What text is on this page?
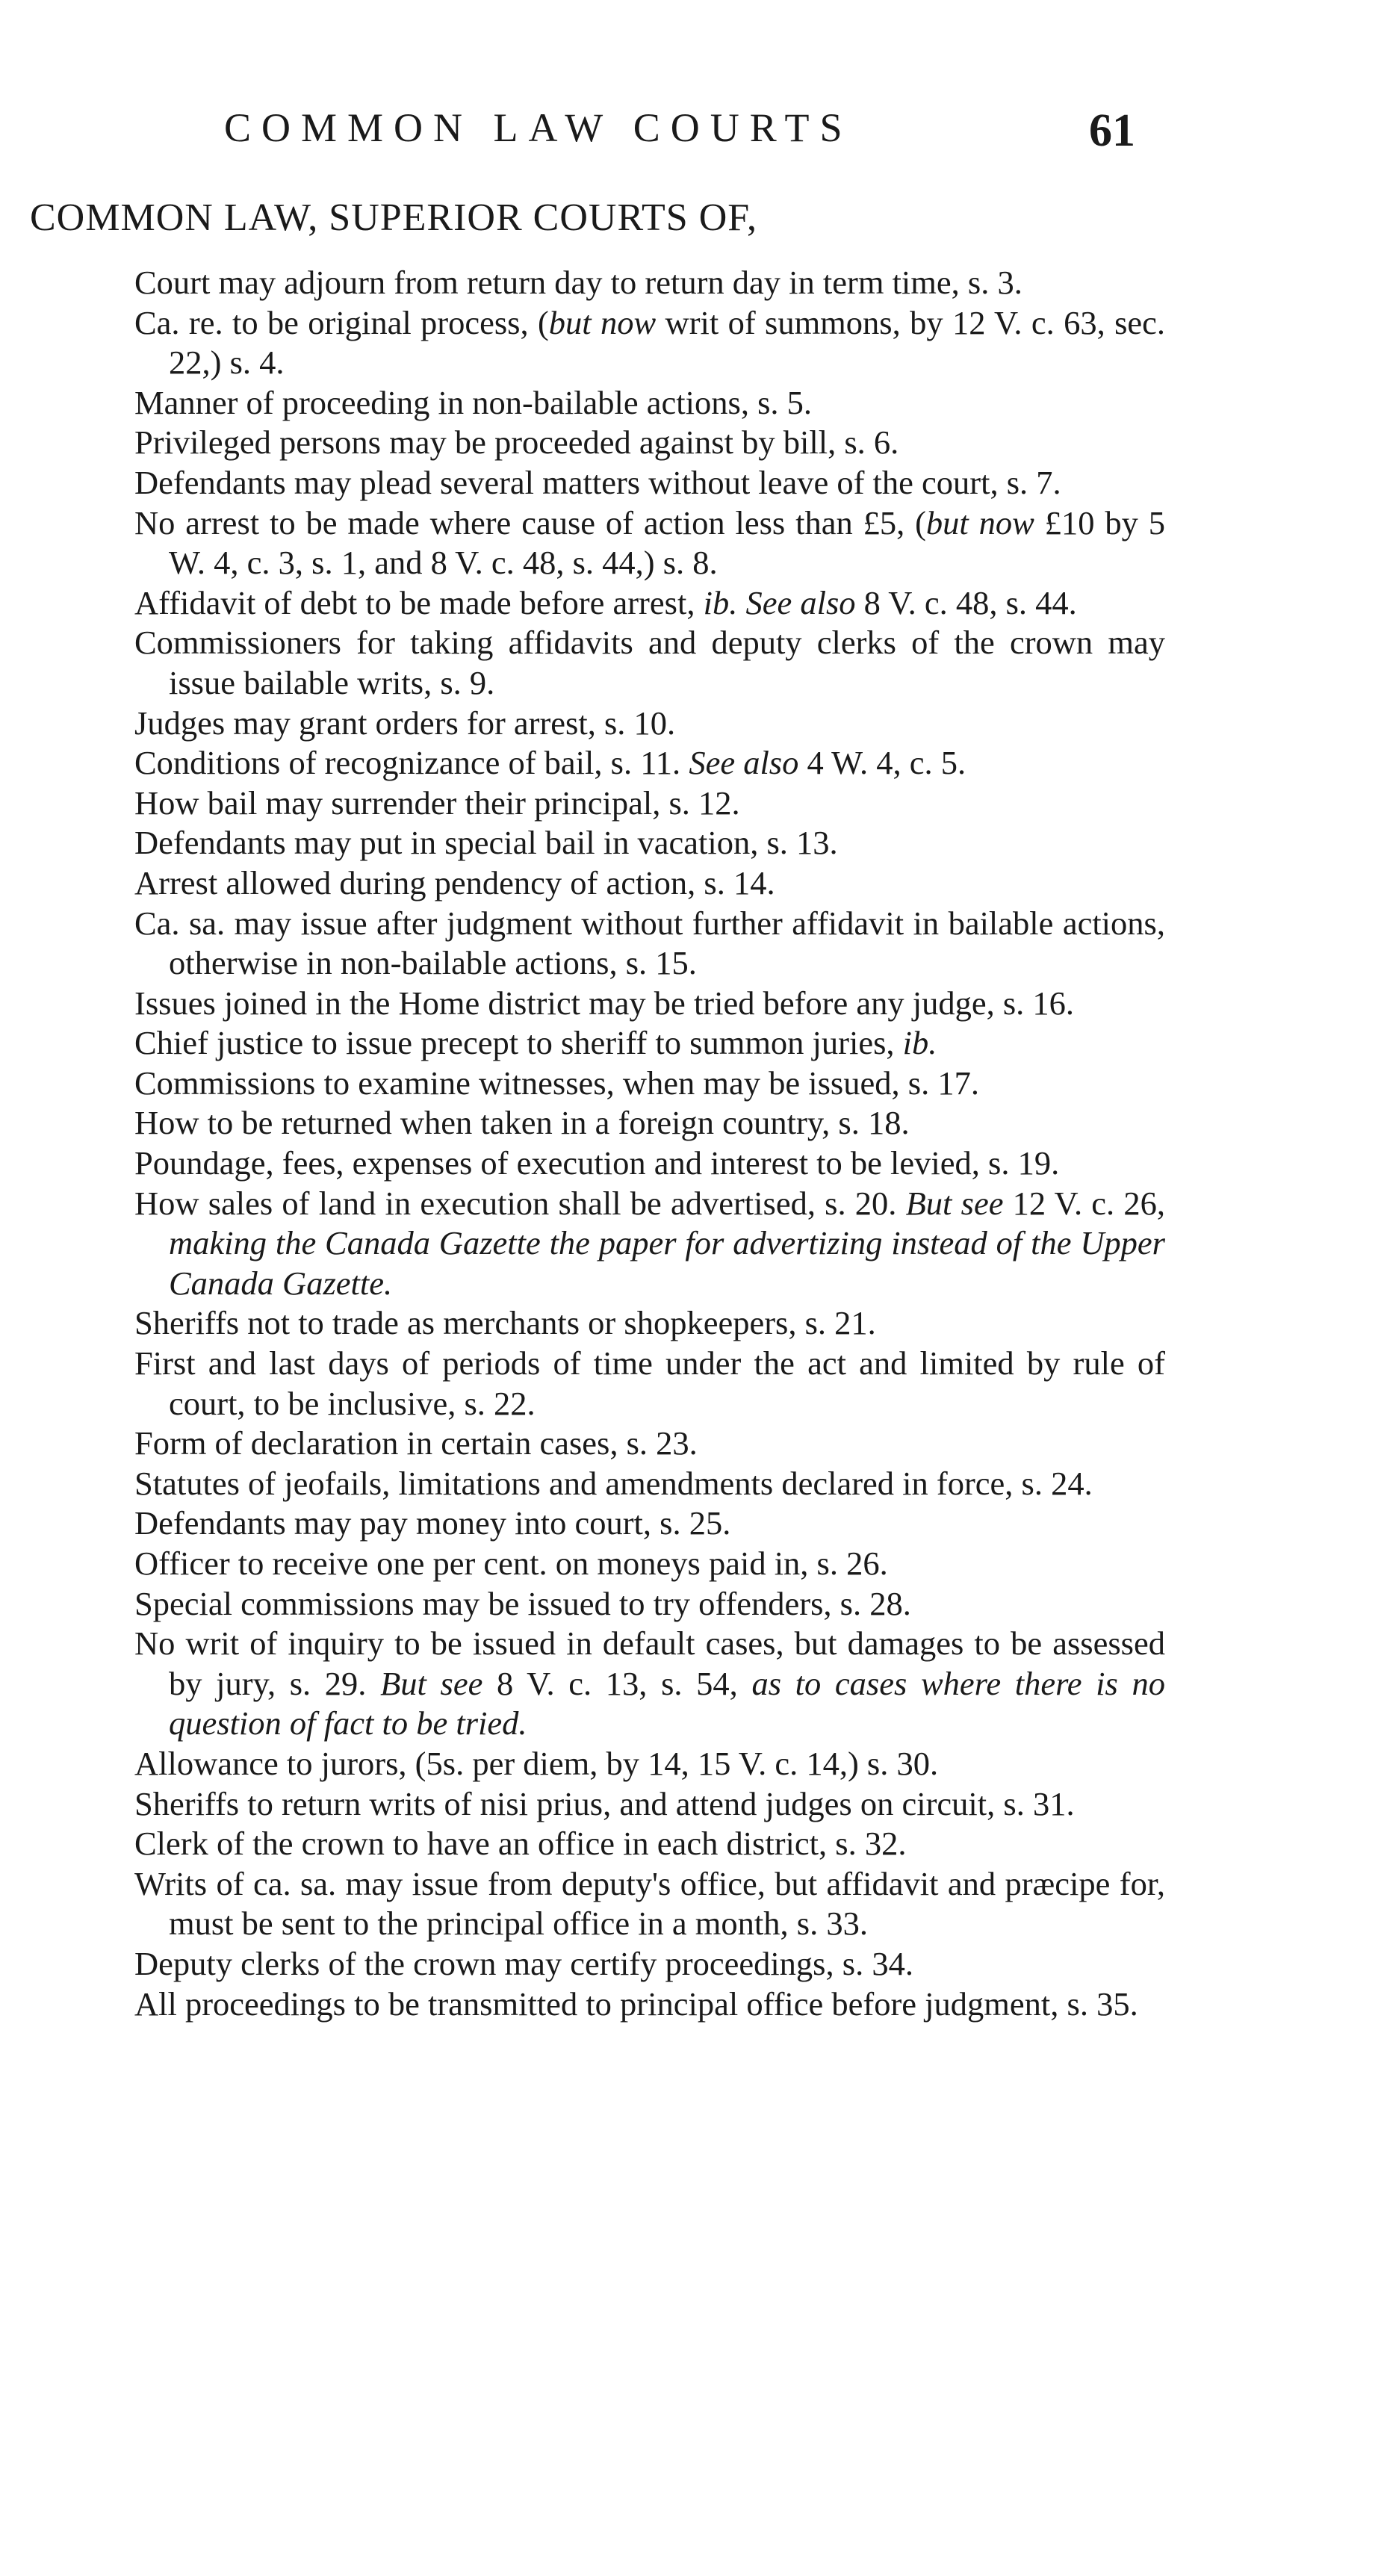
COMMON LAW COURTS	61
COMMON LAW, SUPERIOR COURTS OF,
Court may adjourn from return day to return day in term time, s. 3.
Ca. re. to be original process, (but now writ of summons, by 12 V. c. 63, sec. 22,) s. 4.
Manner of proceeding in non-bailable actions, s. 5.
Privileged persons may be proceeded against by bill, s. 6.
Defendants may plead several matters without leave of the court, s. 7.
No arrest to be made where cause of action less than £5, (but now £10 by 5 W. 4, c. 3, s. 1, and 8 V. c. 48, s. 44,) s. 8.
Affidavit of debt to be made before arrest, ib. See also 8 V. c. 48, s. 44.
Commissioners for taking affidavits and deputy clerks of the crown may issue bailable writs, s. 9.
Judges may grant orders for arrest, s. 10.
Conditions of recognizance of bail, s. 11. See also 4 W. 4, c. 5.
How bail may surrender their principal, s. 12.
Defendants may put in special bail in vacation, s. 13.
Arrest allowed during pendency of action, s. 14.
Ca. sa. may issue after judgment without further affidavit in bailable actions, otherwise in non-bailable actions, s. 15.
Issues joined in the Home district may be tried before any judge, s. 16.
Chief justice to issue precept to sheriff to summon juries, ib.
Commissions to examine witnesses, when may be issued, s. 17.
How to be returned when taken in a foreign country, s. 18.
Poundage, fees, expenses of execution and interest to be levied, s. 19.
How sales of land in execution shall be advertised, s. 20. But see 12 V. c. 26, making the Canada Gazette the paper for advertizing instead of the Upper Canada Gazette.
Sheriffs not to trade as merchants or shopkeepers, s. 21.
First and last days of periods of time under the act and limited by rule of court, to be inclusive, s. 22.
Form of declaration in certain cases, s. 23.
Statutes of jeofails, limitations and amendments declared in force, s. 24.
Defendants may pay money into court, s. 25.
Officer to receive one per cent. on moneys paid in, s. 26.
Special commissions may be issued to try offenders, s. 28.
No writ of inquiry to be issued in default cases, but damages to be assessed by jury, s. 29. But see 8 V. c. 13, s. 54, as to cases where there is no question of fact to be tried.
Allowance to jurors, (5s. per diem, by 14, 15 V. c. 14,) s. 30.
Sheriffs to return writs of nisi prius, and attend judges on circuit, s. 31.
Clerk of the crown to have an office in each district, s. 32.
Writs of ca. sa. may issue from deputy's office, but affidavit and præcipe for, must be sent to the principal office in a month, s. 33.
Deputy clerks of the crown may certify proceedings, s. 34.
All proceedings to be transmitted to principal office before judgment, s. 35.
